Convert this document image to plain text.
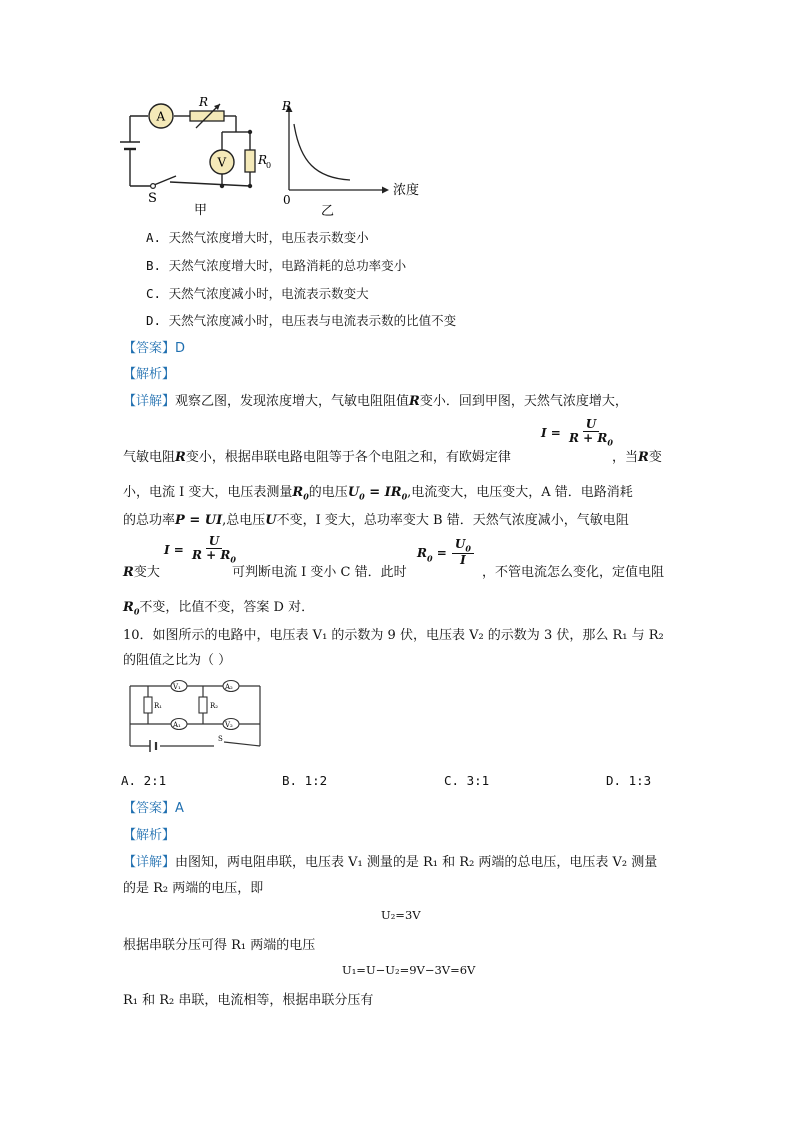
A
V
R
R
0
S
甲
R
0
浓度
乙
A. 天然气浓度增大时，电压表示数变小
B. 天然气浓度增大时，电路消耗的总功率变小
C. 天然气浓度减小时，电流表示数变大
D. 天然气浓度减小时，电压表与电流表示数的比值不变
【答案】D
【解析】
【详解】观察乙图，发现浓度增大，气敏电阻阻值R变小．回到甲图，天然气浓度增大，
气敏电阻R变小，根据串联电路电阻等于各个电阻之和，有欧姆定律
$I = \frac{U}{R + R_0}$
，当R变
小，电流 I 变大，电压表测量$R_0$的电压$U_0 = IR_0$,电流变大，电压变大，A 错．电路消耗
的总功率P = UI,总电压U不变，I 变大，总功率变大 B 错．天然气浓度减小，气敏电阻
R变大
$I = \frac{U}{R + R_0}$
可判断电流 I 变小 C 错．此时
$R_0 = \frac{U_0}{I}$
，不管电流怎么变化，定值电阻
$R_0$不变，比值不变，答案 D 对．
10．如图所示的电路中，电压表 V₁ 的示数为 9 伏，电压表 V₂ 的示数为 3 伏，那么 R₁ 与 R₂
的阻值之比为（ ）
V₁	A₂
R₁	R₂
A₁	V₂
S
A. 2:1	B. 1:2	C. 3:1	D. 1:3
【答案】A
【解析】
【详解】由图知，两电阻串联，电压表 V₁ 测量的是 R₁ 和 R₂ 两端的总电压，电压表 V₂ 测量
的是 R₂ 两端的电压，即
U₂=3V
根据串联分压可得 R₁ 两端的电压
U₁=U−U₂=9V−3V=6V
R₁ 和 R₂ 串联，电流相等，根据串联分压有
